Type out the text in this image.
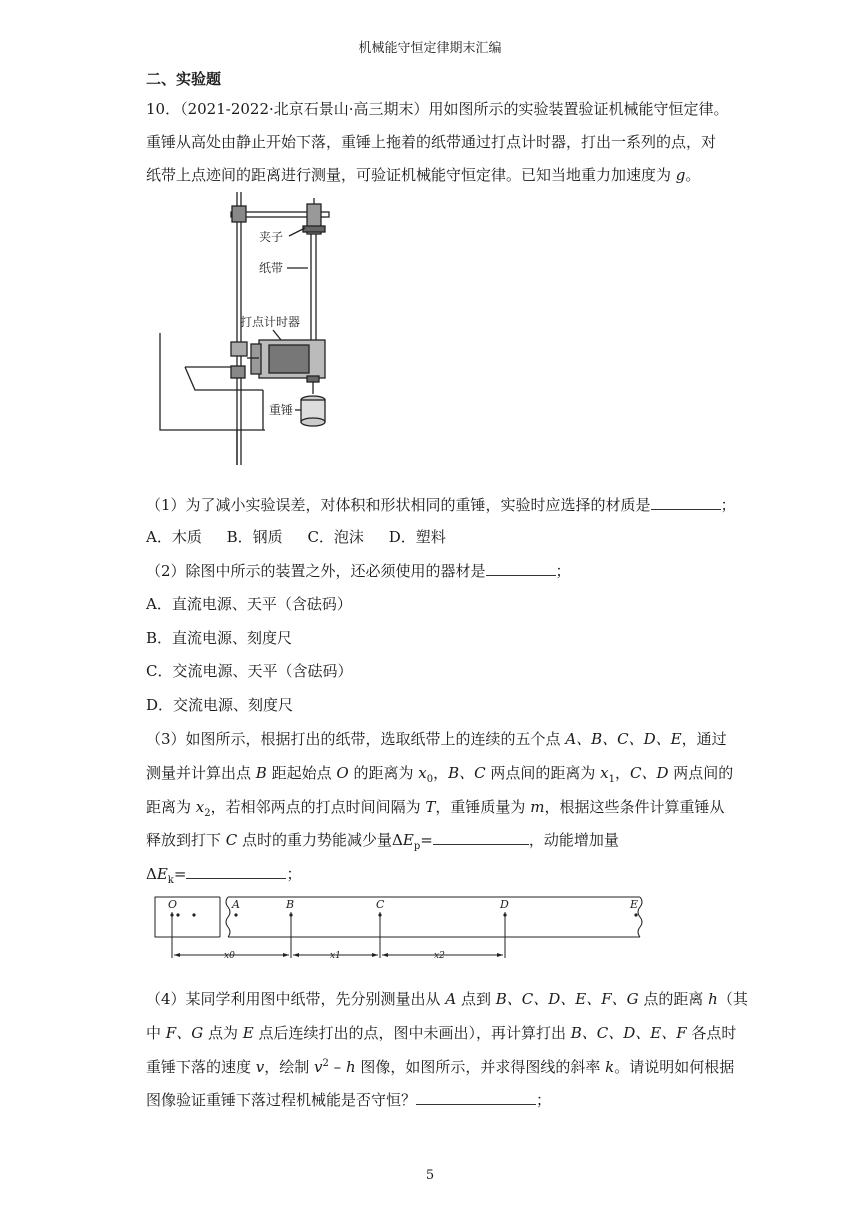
机械能守恒定律期末汇编
二、实验题
10．（2021-2022·北京石景山·高三期末）用如图所示的实验装置验证机械能守恒定律。
重锤从高处由静止开始下落，重锤上拖着的纸带通过打点计时器，打出一系列的点，对
纸带上点迹间的距离进行测量，可验证机械能守恒定律。已知当地重力加速度为 g。
夹子
纸带
打点计时器
重锤
（1）为了减小实验误差，对体积和形状相同的重锤，实验时应选择的材质是	；
A．木质 B．钢质 C．泡沫 D．塑料
（2）除图中所示的装置之外，还必须使用的器材是	；
A．直流电源、天平（含砝码）
B．直流电源、刻度尺
C．交流电源、天平（含砝码）
D．交流电源、刻度尺
（3）如图所示，根据打出的纸带，选取纸带上的连续的五个点 A、B、C、D、E，通过
测量并计算出点 B 距起始点 O 的距离为 $x_0$，B、C 两点间的距离为 $x_1$，C、D 两点间的
距离为 $x_2$，若相邻两点的打点时间间隔为 T，重锤质量为 m，根据这些条件计算重锤从
释放到打下 C 点时的重力势能减少量$\Delta E_p=$	，动能增加量
$\Delta E_k=$	；
O	A	B	C	D	E
x0	x1	x2
（4）某同学利用图中纸带，先分别测量出从 A 点到 B、C、D、E、F、G 点的距离 h（其
中 F、G 点为 E 点后连续打出的点，图中未画出），再计算打出 B、C、D、E、F 各点时
重锤下落的速度 v，绘制 $v^2$ – h 图像，如图所示，并求得图线的斜率 k。请说明如何根据
图像验证重锤下落过程机械能是否守恒？	；
5
